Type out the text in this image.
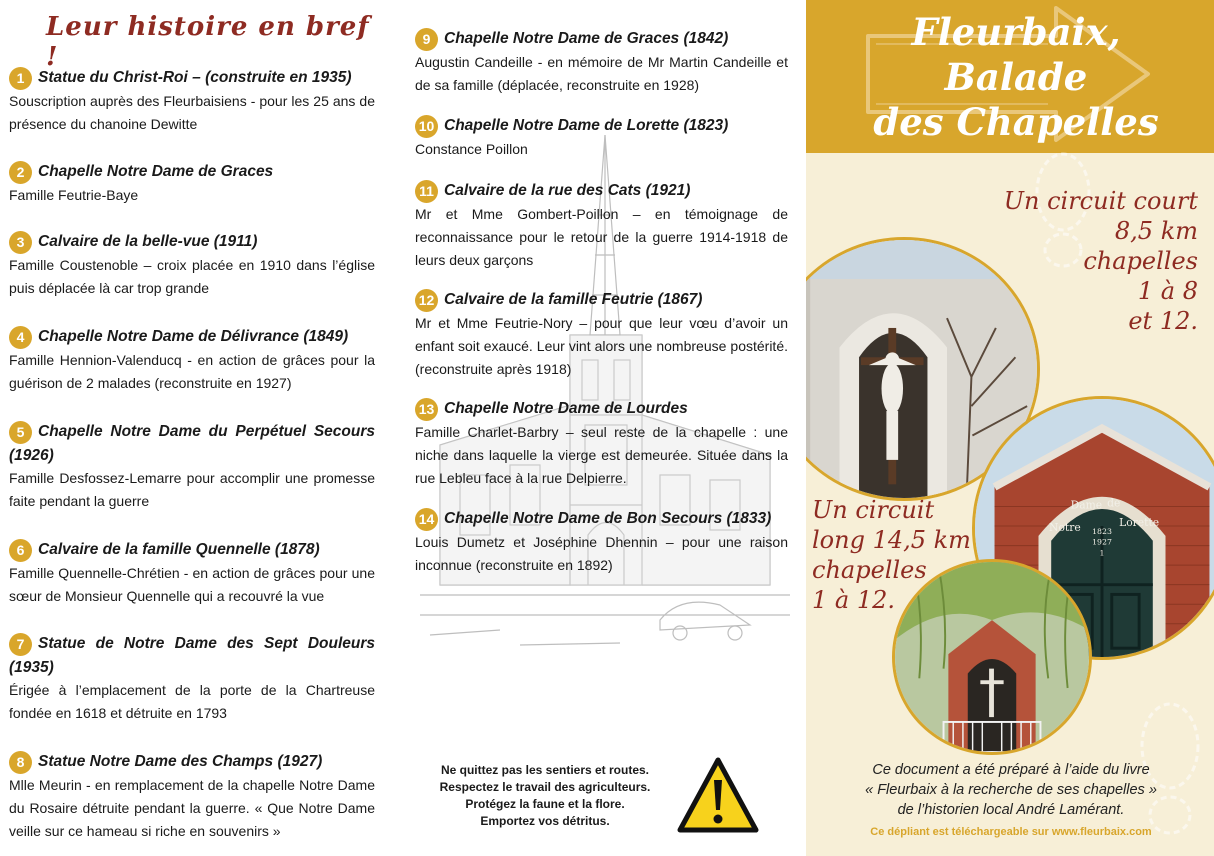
Leur histoire en bref !

1 Statue du Christ-Roi – (construite en 1935)

Souscription auprès des Fleurbaisiens - pour les 25 ans de présence du chanoine Dewitte

2 Chapelle Notre Dame de Graces

Famille Feutrie-Baye

3 Calvaire de la belle-vue (1911)

Famille Coustenoble – croix placée en 1910 dans l’église puis déplacée là car trop grande

4 Chapelle Notre Dame de Délivrance (1849)

Famille Hennion-Valenducq - en action de grâces pour la guérison de 2 malades (reconstruite en 1927)

5 Chapelle Notre Dame du Perpétuel Secours (1926)

Famille Desfossez-Lemarre pour accomplir une promesse faite pendant la guerre

6 Calvaire de la famille Quennelle (1878)

Famille Quennelle-Chrétien - en action de grâces pour une sœur de Monsieur Quennelle qui a recouvré la vue

7 Statue de Notre Dame des Sept Douleurs (1935)

Érigée à l’emplacement de la porte de la Chartreuse fondée en 1618 et détruite en 1793

8 Statue Notre Dame des Champs (1927)

Mlle Meurin - en remplacement de la chapelle Notre Dame du Rosaire détruite pendant la guerre. « Que Notre Dame veille sur ce hameau si riche en souvenirs »

9 Chapelle Notre Dame de Graces (1842)

Augustin Candeille - en mémoire de Mr Martin Candeille et de sa famille (déplacée, reconstruite en 1928)

10 Chapelle Notre Dame de Lorette (1823)

Constance Poillon

11 Calvaire de la rue des Cats (1921)

Mr et Mme Gombert-Poillon – en témoignage de reconnaissance pour le retour de la guerre 1914-1918 de leurs deux garçons

12 Calvaire de la famille Feutrie (1867)

Mr et Mme Feutrie-Nory – pour que leur vœu d’avoir un enfant soit exaucé. Leur vint alors une nombreuse postérité. (reconstruite après 1918)

13 Chapelle Notre Dame de Lourdes

Famille Charlet-Barbry – seul reste de la chapelle : une niche dans laquelle la vierge est demeurée. Située dans la rue Lebleu face à la rue Delpierre.

14 Chapelle Notre Dame de Bon Secours (1833)

Louis Dumetz et Joséphine Dhennin – pour une raison inconnue (reconstruite en 1892)

Ne quittez pas les sentiers et routes.
Respectez le travail des agriculteurs.
Protégez la faune et la flore.
Emportez vos détritus.

Fleurbaix,
Balade
des Chapelles

Un circuit court
8,5 km
chapelles
1 à 8
et 12.

Notre
Dame de
Lorette
1823
1927
1

Un circuit
long 14,5 km
chapelles
1 à 12.

Ce document a été préparé à l’aide du livre
« Fleurbaix à la recherche de ses chapelles »
de l’historien local André Lamérant.

Ce dépliant est téléchargeable sur www.fleurbaix.com
